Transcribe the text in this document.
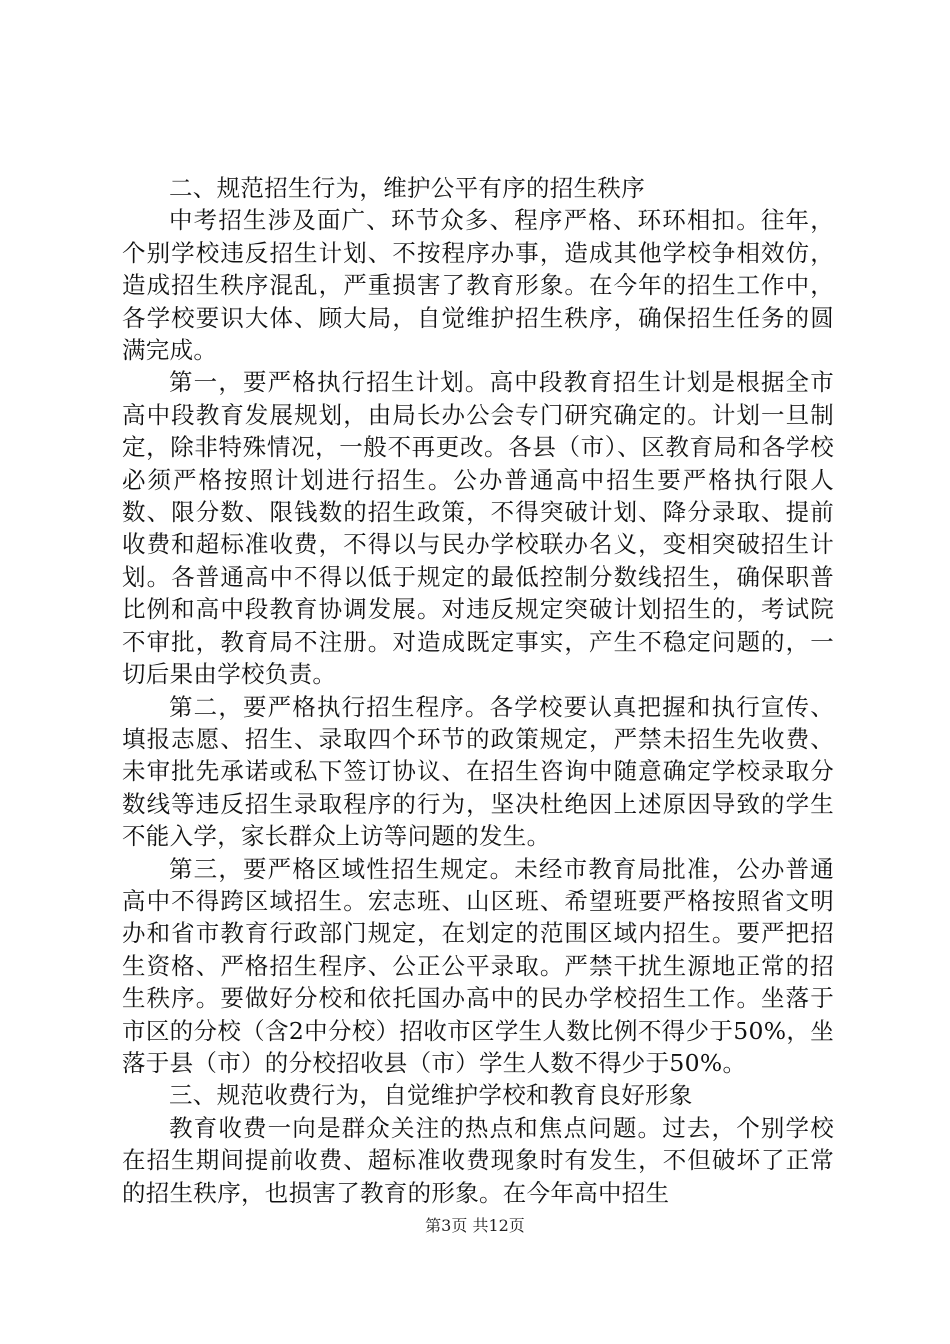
二、规范招生行为，维护公平有序的招生秩序

中考招生涉及面广、环节众多、程序严格、环环相扣。往年，个别学校违反招生计划、不按程序办事，造成其他学校争相效仿，造成招生秩序混乱，严重损害了教育形象。在今年的招生工作中，各学校要识大体、顾大局，自觉维护招生秩序，确保招生任务的圆满完成。

第一，要严格执行招生计划。高中段教育招生计划是根据全市高中段教育发展规划，由局长办公会专门研究确定的。计划一旦制定，除非特殊情况，一般不再更改。各县（市）、区教育局和各学校必须严格按照计划进行招生。公办普通高中招生要严格执行限人数、限分数、限钱数的招生政策，不得突破计划、降分录取、提前收费和超标准收费，不得以与民办学校联办名义，变相突破招生计划。各普通高中不得以低于规定的最低控制分数线招生，确保职普比例和高中段教育协调发展。对违反规定突破计划招生的，考试院不审批，教育局不注册。对造成既定事实，产生不稳定问题的，一切后果由学校负责。

第二，要严格执行招生程序。各学校要认真把握和执行宣传、填报志愿、招生、录取四个环节的政策规定，严禁未招生先收费、未审批先承诺或私下签订协议、在招生咨询中随意确定学校录取分数线等违反招生录取程序的行为，坚决杜绝因上述原因导致的学生不能入学，家长群众上访等问题的发生。

第三，要严格区域性招生规定。未经市教育局批准，公办普通高中不得跨区域招生。宏志班、山区班、希望班要严格按照省文明办和省市教育行政部门规定，在划定的范围区域内招生。要严把招生资格、严格招生程序、公正公平录取。严禁干扰生源地正常的招生秩序。要做好分校和依托国办高中的民办学校招生工作。坐落于市区的分校（含2中分校）招收市区学生人数比例不得少于50%，坐落于县（市）的分校招收县（市）学生人数不得少于50%。

三、规范收费行为，自觉维护学校和教育良好形象

教育收费一向是群众关注的热点和焦点问题。过去，个别学校在招生期间提前收费、超标准收费现象时有发生，不但破坏了正常的招生秩序，也损害了教育的形象。在今年高中招生

第3页 共12页
